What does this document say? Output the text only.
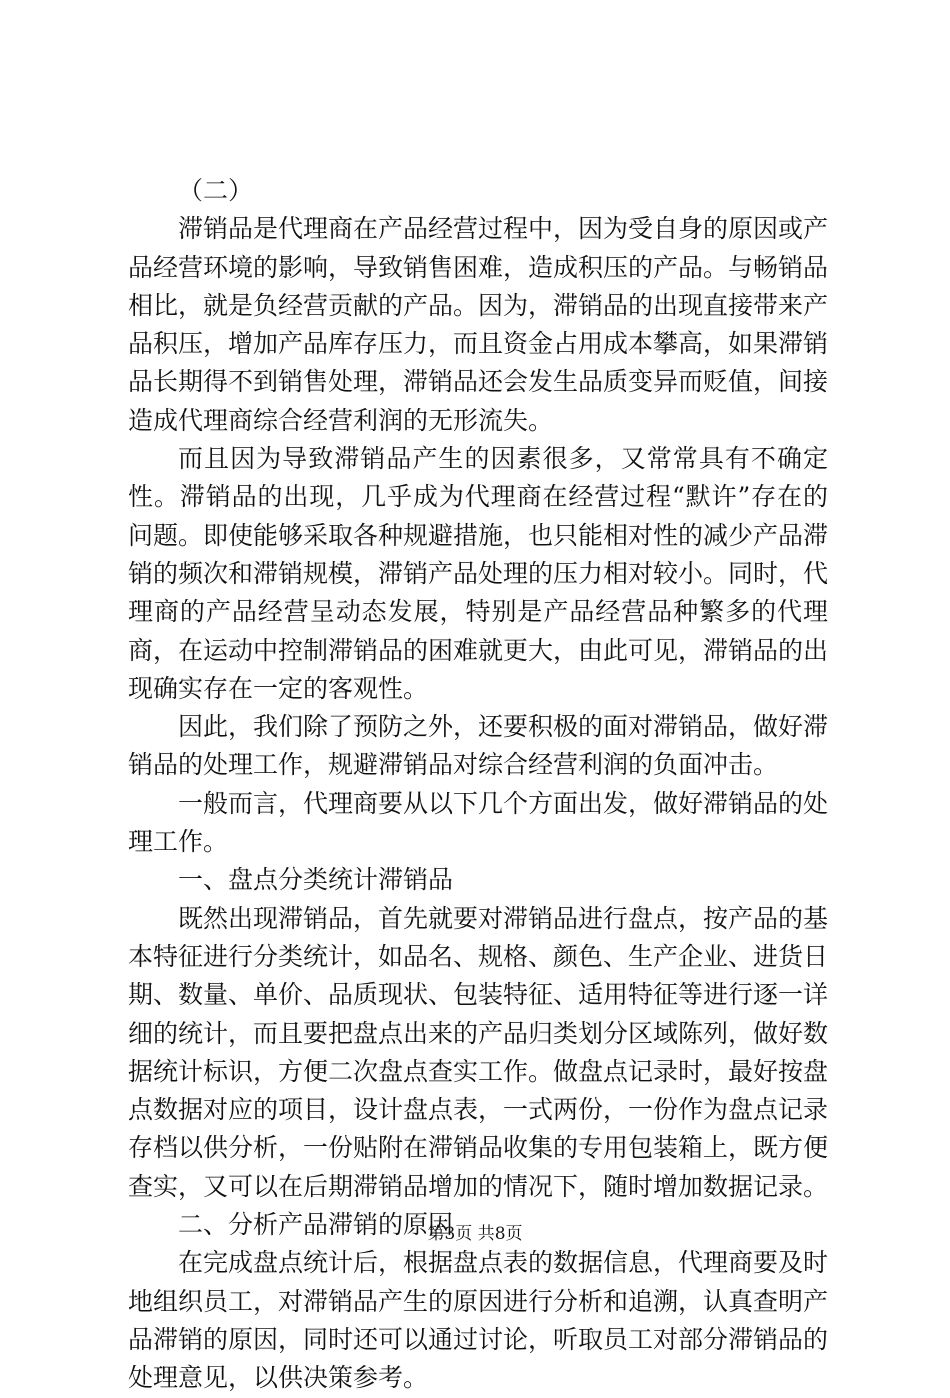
（二）

滞销品是代理商在产品经营过程中，因为受自身的原因或产品经营环境的影响，导致销售困难，造成积压的产品。与畅销品相比，就是负经营贡献的产品。因为，滞销品的出现直接带来产品积压，增加产品库存压力，而且资金占用成本攀高，如果滞销品长期得不到销售处理，滞销品还会发生品质变异而贬值，间接造成代理商综合经营利润的无形流失。

而且因为导致滞销品产生的因素很多，又常常具有不确定性。滞销品的出现，几乎成为代理商在经营过程“默许”存在的问题。即使能够采取各种规避措施，也只能相对性的减少产品滞销的频次和滞销规模，滞销产品处理的压力相对较小。同时，代理商的产品经营呈动态发展，特别是产品经营品种繁多的代理商，在运动中控制滞销品的困难就更大，由此可见，滞销品的出现确实存在一定的客观性。

因此，我们除了预防之外，还要积极的面对滞销品，做好滞销品的处理工作，规避滞销品对综合经营利润的负面冲击。

一般而言，代理商要从以下几个方面出发，做好滞销品的处理工作。

一、盘点分类统计滞销品

既然出现滞销品，首先就要对滞销品进行盘点，按产品的基本特征进行分类统计，如品名、规格、颜色、生产企业、进货日期、数量、单价、品质现状、包装特征、适用特征等进行逐一详细的统计，而且要把盘点出来的产品归类划分区域陈列，做好数据统计标识，方便二次盘点查实工作。做盘点记录时，最好按盘点数据对应的项目，设计盘点表，一式两份，一份作为盘点记录存档以供分析，一份贴附在滞销品收集的专用包装箱上，既方便查实，又可以在后期滞销品增加的情况下，随时增加数据记录。

二、分析产品滞销的原因

在完成盘点统计后，根据盘点表的数据信息，代理商要及时地组织员工，对滞销品产生的原因进行分析和追溯，认真查明产品滞销的原因，同时还可以通过讨论，听取员工对部分滞销品的处理意见，以供决策参考。

第3页 共8页
